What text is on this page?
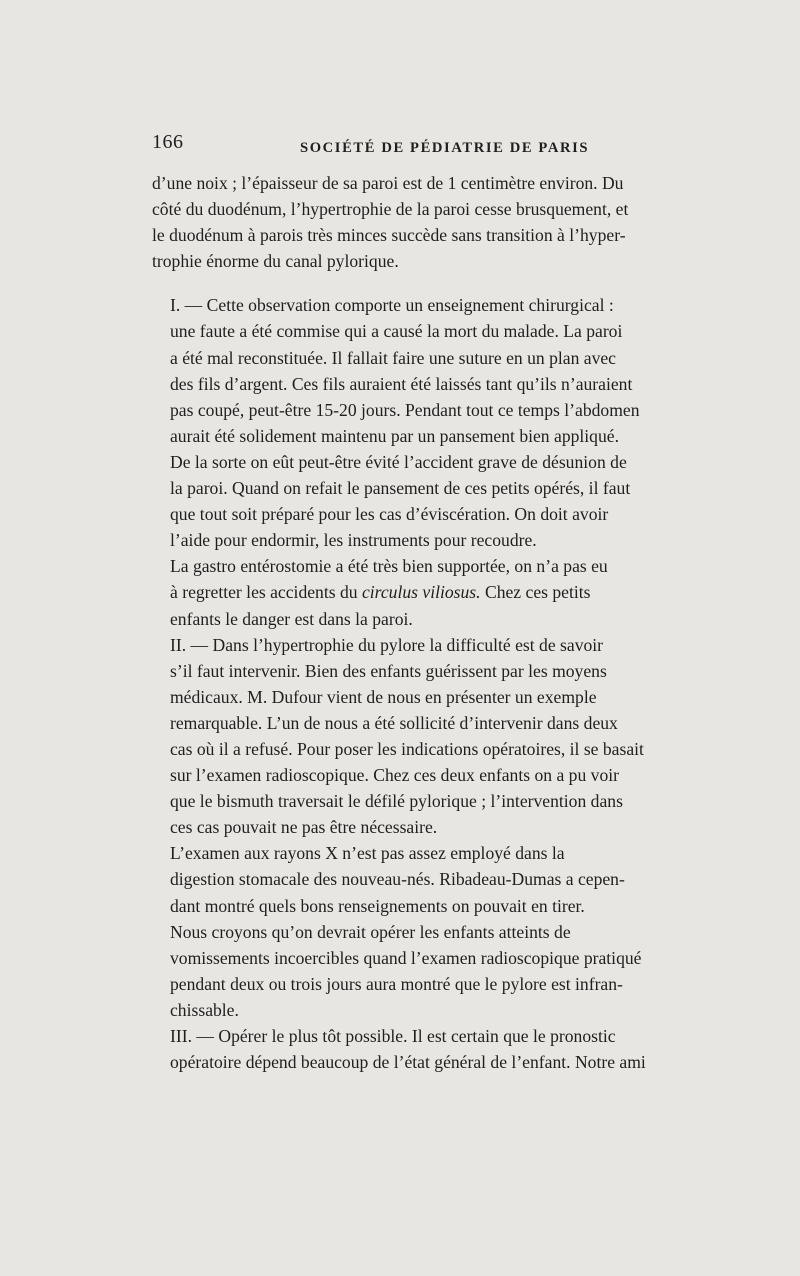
166	SOCIÉTÉ DE PÉDIATRIE DE PARIS

d’une noix ; l’épaisseur de sa paroi est de 1 centimètre environ. Du
côté du duodénum, l’hypertrophie de la paroi cesse brusquement, et
le duodénum à parois très minces succède sans transition à l’hyper-
trophie énorme du canal pylorique.

I. — Cette observation comporte un enseignement chirurgical :
une faute a été commise qui a causé la mort du malade. La paroi
a été mal reconstituée. Il fallait faire une suture en un plan avec
des fils d’argent. Ces fils auraient été laissés tant qu’ils n’auraient
pas coupé, peut-être 15-20 jours. Pendant tout ce temps l’abdomen
aurait été solidement maintenu par un pansement bien appliqué.
De la sorte on eût peut-être évité l’accident grave de désunion de
la paroi. Quand on refait le pansement de ces petits opérés, il faut
que tout soit préparé pour les cas d’éviscération. On doit avoir
l’aide pour endormir, les instruments pour recoudre.

La gastro entérostomie a été très bien supportée, on n’a pas eu
à regretter les accidents du circulus viliosus. Chez ces petits
enfants le danger est dans la paroi.

II. — Dans l’hypertrophie du pylore la difficulté est de savoir
s’il faut intervenir. Bien des enfants guérissent par les moyens
médicaux. M. Dufour vient de nous en présenter un exemple
remarquable. L’un de nous a été sollicité d’intervenir dans deux
cas où il a refusé. Pour poser les indications opératoires, il se basait
sur l’examen radioscopique. Chez ces deux enfants on a pu voir
que le bismuth traversait le défilé pylorique ; l’intervention dans
ces cas pouvait ne pas être nécessaire.

L’examen aux rayons X n’est pas assez employé dans la
digestion stomacale des nouveau-nés. Ribadeau-Dumas a cepen-
dant montré quels bons renseignements on pouvait en tirer.
Nous croyons qu’on devrait opérer les enfants atteints de
vomissements incoercibles quand l’examen radioscopique pratiqué
pendant deux ou trois jours aura montré que le pylore est infran-
chissable.

III. — Opérer le plus tôt possible. Il est certain que le pronostic
opératoire dépend beaucoup de l’état général de l’enfant. Notre ami
